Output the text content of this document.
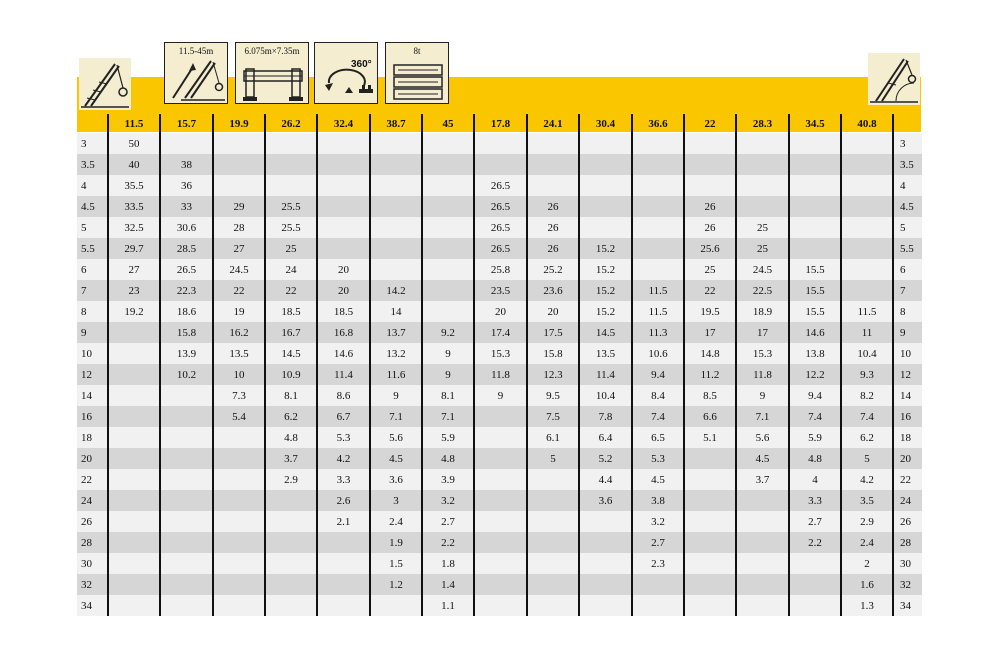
11.5-45m	6.075m×7.35m
360°
8t
	11.5	15.7	19.9	26.2	32.4	38.7	45	17.8	24.1	30.4	36.6	22	28.3	34.5	40.8	
3	50															3
3.5	40	38														3.5
4	35.5	36						26.5								4
4.5	33.5	33	29	25.5				26.5	26			26				4.5
5	32.5	30.6	28	25.5				26.5	26			26	25			5
5.5	29.7	28.5	27	25				26.5	26	15.2		25.6	25			5.5
6	27	26.5	24.5	24	20			25.8	25.2	15.2		25	24.5	15.5		6
7	23	22.3	22	22	20	14.2		23.5	23.6	15.2	11.5	22	22.5	15.5		7
8	19.2	18.6	19	18.5	18.5	14		20	20	15.2	11.5	19.5	18.9	15.5	11.5	8
9		15.8	16.2	16.7	16.8	13.7	9.2	17.4	17.5	14.5	11.3	17	17	14.6	11	9
10		13.9	13.5	14.5	14.6	13.2	9	15.3	15.8	13.5	10.6	14.8	15.3	13.8	10.4	10
12		10.2	10	10.9	11.4	11.6	9	11.8	12.3	11.4	9.4	11.2	11.8	12.2	9.3	12
14			7.3	8.1	8.6	9	8.1	9	9.5	10.4	8.4	8.5	9	9.4	8.2	14
16			5.4	6.2	6.7	7.1	7.1		7.5	7.8	7.4	6.6	7.1	7.4	7.4	16
18				4.8	5.3	5.6	5.9		6.1	6.4	6.5	5.1	5.6	5.9	6.2	18
20				3.7	4.2	4.5	4.8		5	5.2	5.3		4.5	4.8	5	20
22				2.9	3.3	3.6	3.9			4.4	4.5		3.7	4	4.2	22
24					2.6	3	3.2			3.6	3.8			3.3	3.5	24
26					2.1	2.4	2.7				3.2			2.7	2.9	26
28						1.9	2.2				2.7			2.2	2.4	28
30						1.5	1.8				2.3				2	30
32						1.2	1.4								1.6	32
34							1.1								1.3	34
